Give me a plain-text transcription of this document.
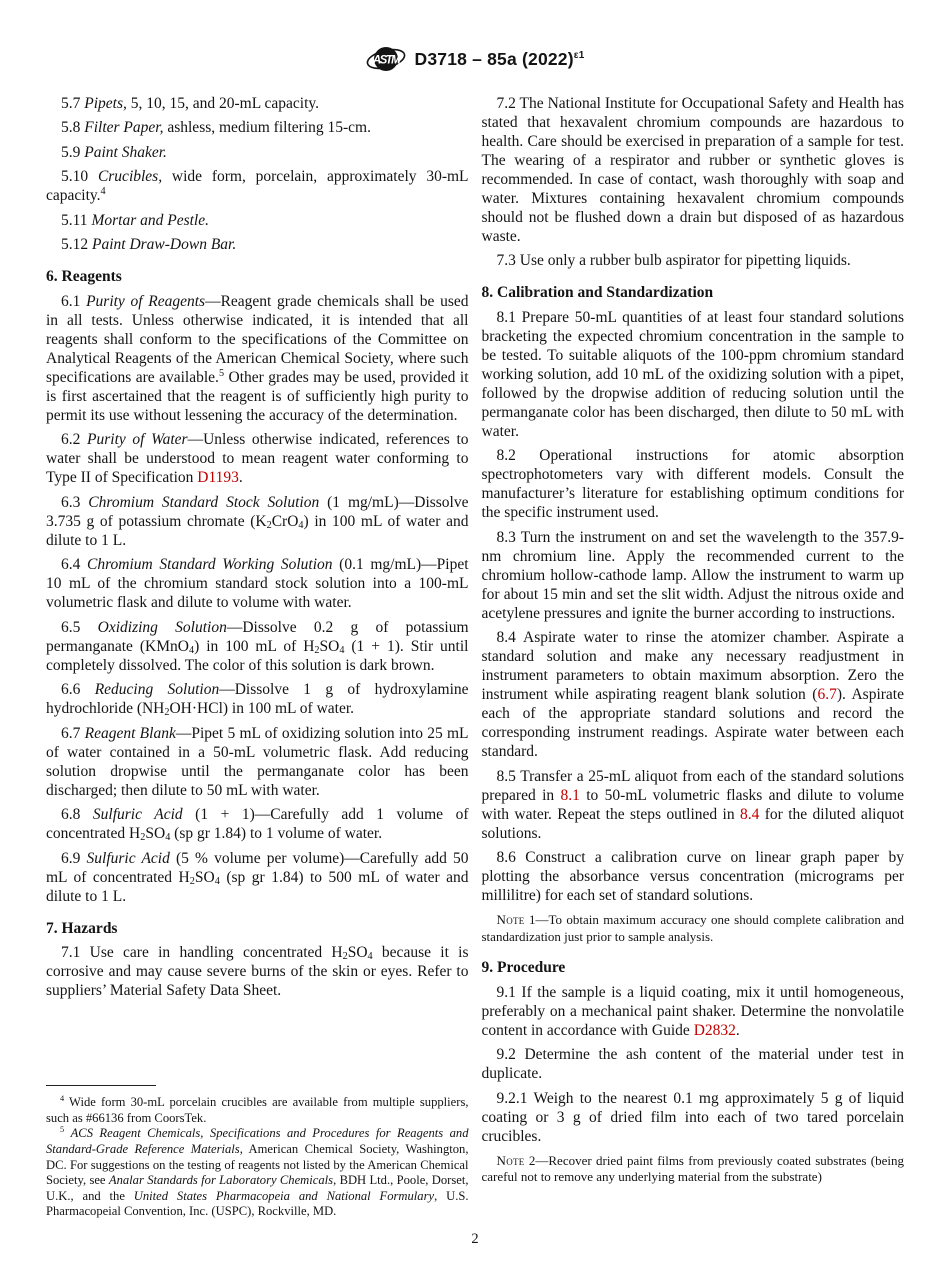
ASTM D3718 – 85a $(2022)^{\varepsilon 1}$

5.7 Pipets, 5, 10, 15, and 20-mL capacity.

5.8 Filter Paper, ashless, medium filtering 15-cm.

5.9 Paint Shaker.

5.10 Crucibles, wide form, porcelain, approximately 30-mL capacity.$^4$

5.11 Mortar and Pestle.

5.12 Paint Draw-Down Bar.

6. Reagents

6.1 Purity of Reagents—Reagent grade chemicals shall be used in all tests. Unless otherwise indicated, it is intended that all reagents shall conform to the specifications of the Committee on Analytical Reagents of the American Chemical Society, where such specifications are available.$^5$ Other grades may be used, provided it is first ascertained that the reagent is of sufficiently high purity to permit its use without lessening the accuracy of the determination.

6.2 Purity of Water—Unless otherwise indicated, references to water shall be understood to mean reagent water conforming to Type II of Specification D1193.

6.3 Chromium Standard Stock Solution (1 mg/mL)—Dissolve 3.735 g of potassium chromate $(K_2CrO_4)$ in 100 mL of water and dilute to 1 L.

6.4 Chromium Standard Working Solution (0.1 mg/mL)—Pipet 10 mL of the chromium standard stock solution into a 100-mL volumetric flask and dilute to volume with water.

6.5 Oxidizing Solution—Dissolve 0.2 g of potassium permanganate (KMnO$_4$) in 100 mL of $H_2SO_4$ (1 + 1). Stir until completely dissolved. The color of this solution is dark brown.

6.6 Reducing Solution—Dissolve 1 g of hydroxylamine hydrochloride $(NH_2OH\cdot HCl)$ in 100 mL of water.

6.7 Reagent Blank—Pipet 5 mL of oxidizing solution into 25 mL of water contained in a 50-mL volumetric flask. Add reducing solution dropwise until the permanganate color has been discharged; then dilute to 50 mL with water.

6.8 Sulfuric Acid (1 + 1)—Carefully add 1 volume of concentrated $H_2SO_4$ (sp gr 1.84) to 1 volume of water.

6.9 Sulfuric Acid (5 % volume per volume)—Carefully add 50 mL of concentrated $H_2SO_4$ (sp gr 1.84) to 500 mL of water and dilute to 1 L.

7. Hazards

7.1 Use care in handling concentrated $H_2SO_4$ because it is corrosive and may cause severe burns of the skin or eyes. Refer to suppliers’ Material Safety Data Sheet.

$^4$ Wide form 30-mL porcelain crucibles are available from multiple suppliers, such as #66136 from CoorsTek.

$^5$ ACS Reagent Chemicals, Specifications and Procedures for Reagents and Standard-Grade Reference Materials, American Chemical Society, Washington, DC. For suggestions on the testing of reagents not listed by the American Chemical Society, see Analar Standards for Laboratory Chemicals, BDH Ltd., Poole, Dorset, U.K., and the United States Pharmacopeia and National Formulary, U.S. Pharmacopeial Convention, Inc. (USPC), Rockville, MD.

7.2 The National Institute for Occupational Safety and Health has stated that hexavalent chromium compounds are hazardous to health. Care should be exercised in preparation of a sample for test. The wearing of a respirator and rubber or synthetic gloves is recommended. In case of contact, wash thoroughly with soap and water. Mixtures containing hexavalent chromium compounds should not be flushed down a drain but disposed of as hazardous waste.

7.3 Use only a rubber bulb aspirator for pipetting liquids.

8. Calibration and Standardization

8.1 Prepare 50-mL quantities of at least four standard solutions bracketing the expected chromium concentration in the sample to be tested. To suitable aliquots of the 100-ppm chromium standard working solution, add 10 mL of the oxidizing solution with a pipet, followed by the dropwise addition of reducing solution until the permanganate color has been discharged, then dilute to 50 mL with water.

8.2 Operational instructions for atomic absorption spectrophotometers vary with different models. Consult the manufacturer’s literature for establishing optimum conditions for the specific instrument used.

8.3 Turn the instrument on and set the wavelength to the 357.9-nm chromium line. Apply the recommended current to the chromium hollow-cathode lamp. Allow the instrument to warm up for about 15 min and set the slit width. Adjust the nitrous oxide and acetylene pressures and ignite the burner according to instructions.

8.4 Aspirate water to rinse the atomizer chamber. Aspirate a standard solution and make any necessary readjustment in instrument parameters to obtain maximum absorption. Zero the instrument while aspirating reagent blank solution (6.7). Aspirate each of the appropriate standard solutions and record the corresponding instrument readings. Aspirate water between each standard.

8.5 Transfer a 25-mL aliquot from each of the standard solutions prepared in 8.1 to 50-mL volumetric flasks and dilute to volume with water. Repeat the steps outlined in 8.4 for the diluted aliquot solutions.

8.6 Construct a calibration curve on linear graph paper by plotting the absorbance versus concentration (micrograms per millilitre) for each set of standard solutions.

Note 1—To obtain maximum accuracy one should complete calibration and standardization just prior to sample analysis.

9. Procedure

9.1 If the sample is a liquid coating, mix it until homogeneous, preferably on a mechanical paint shaker. Determine the nonvolatile content in accordance with Guide D2832.

9.2 Determine the ash content of the material under test in duplicate.

9.2.1 Weigh to the nearest 0.1 mg approximately 5 g of liquid coating or 3 g of dried film into each of two tared porcelain crucibles.

Note 2—Recover dried paint films from previously coated substrates (being careful not to remove any underlying material from the substrate)

2
